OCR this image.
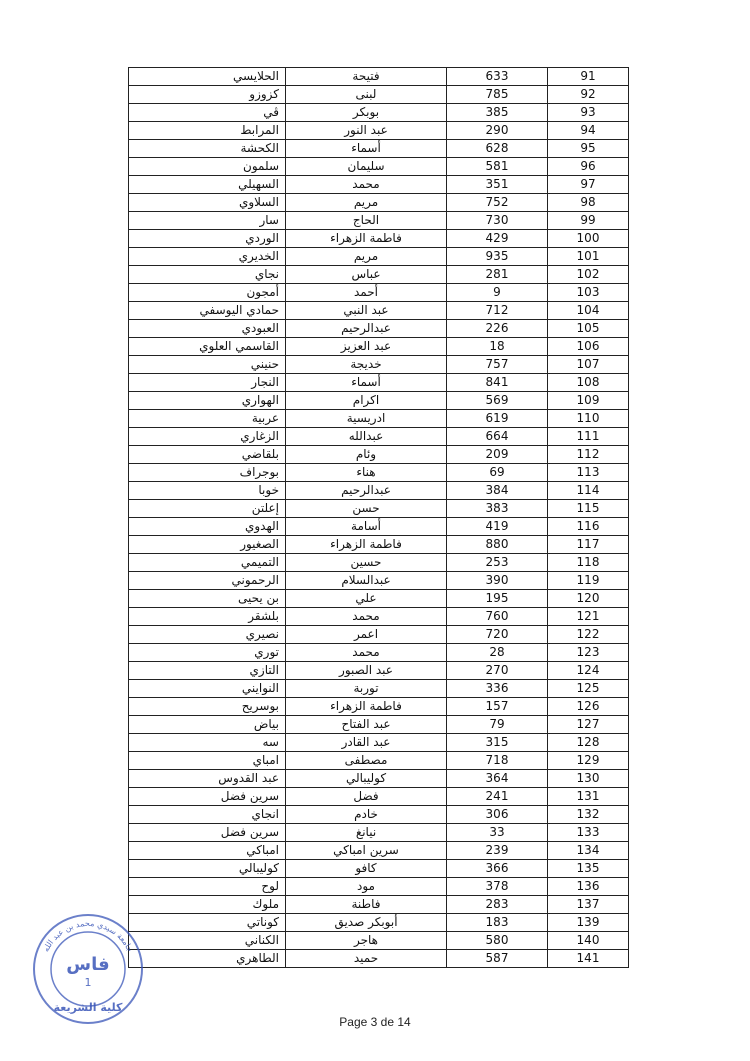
الحلايسي	فتيحة	633	91
كزوزو	لبنى	785	92
ڤي	بوبكر	385	93
المرابط	عبد النور	290	94
الكحشة	أسماء	628	95
سلمون	سليمان	581	96
السهيلي	محمد	351	97
السلاوي	مريم	752	98
سار	الحاج	730	99
الوردي	فاطمة الزهراء	429	100
الخديري	مريم	935	101
نجاي	عباس	281	102
أمجون	أحمد	9	103
حمادي اليوسفي	عبد النبي	712	104
العبودي	عبدالرحيم	226	105
القاسمي العلوي	عبد العزيز	18	106
حنيني	خديجة	757	107
النجار	أسماء	841	108
الهواري	اكرام	569	109
عربية	ادريسية	619	110
الزغاري	عبدالله	664	111
بلقاضي	وئام	209	112
بوجراف	هناء	69	113
خوبا	عبدالرحيم	384	114
إعلتن	حسن	383	115
الهدوي	أسامة	419	116
الصغيور	فاطمة الزهراء	880	117
التميمي	حسين	253	118
الرحموني	عبدالسلام	390	119
بن يحيى	علي	195	120
بلشقر	محمد	760	121
نصيري	اعمر	720	122
توري	محمد	28	123
التازي	عبد الصبور	270	124
النوايني	توربة	336	125
بوسريح	فاطمة الزهراء	157	126
بياض	عبد الفتاح	79	127
سه	عبد القادر	315	128
امباي	مصطفى	718	129
عبد القدوس	كوليبالي	364	130
سرين فضل	فضل	241	131
انجاي	خادم	306	132
سرين فضل	نيانغ	33	133
امباكي	سرين امباكي	239	134
كوليبالي	كافو	366	135
لوح	مود	378	136
ملوك	فاطنة	283	137
كوناتي	أبوبكر صديق	183	139
الكناني	هاجر	580	140
الطاهري	حميد	587	141
جامعة سيدي محمد بن عبد الله
فاس
1
كلية الشريعة
Page 3 de 14
